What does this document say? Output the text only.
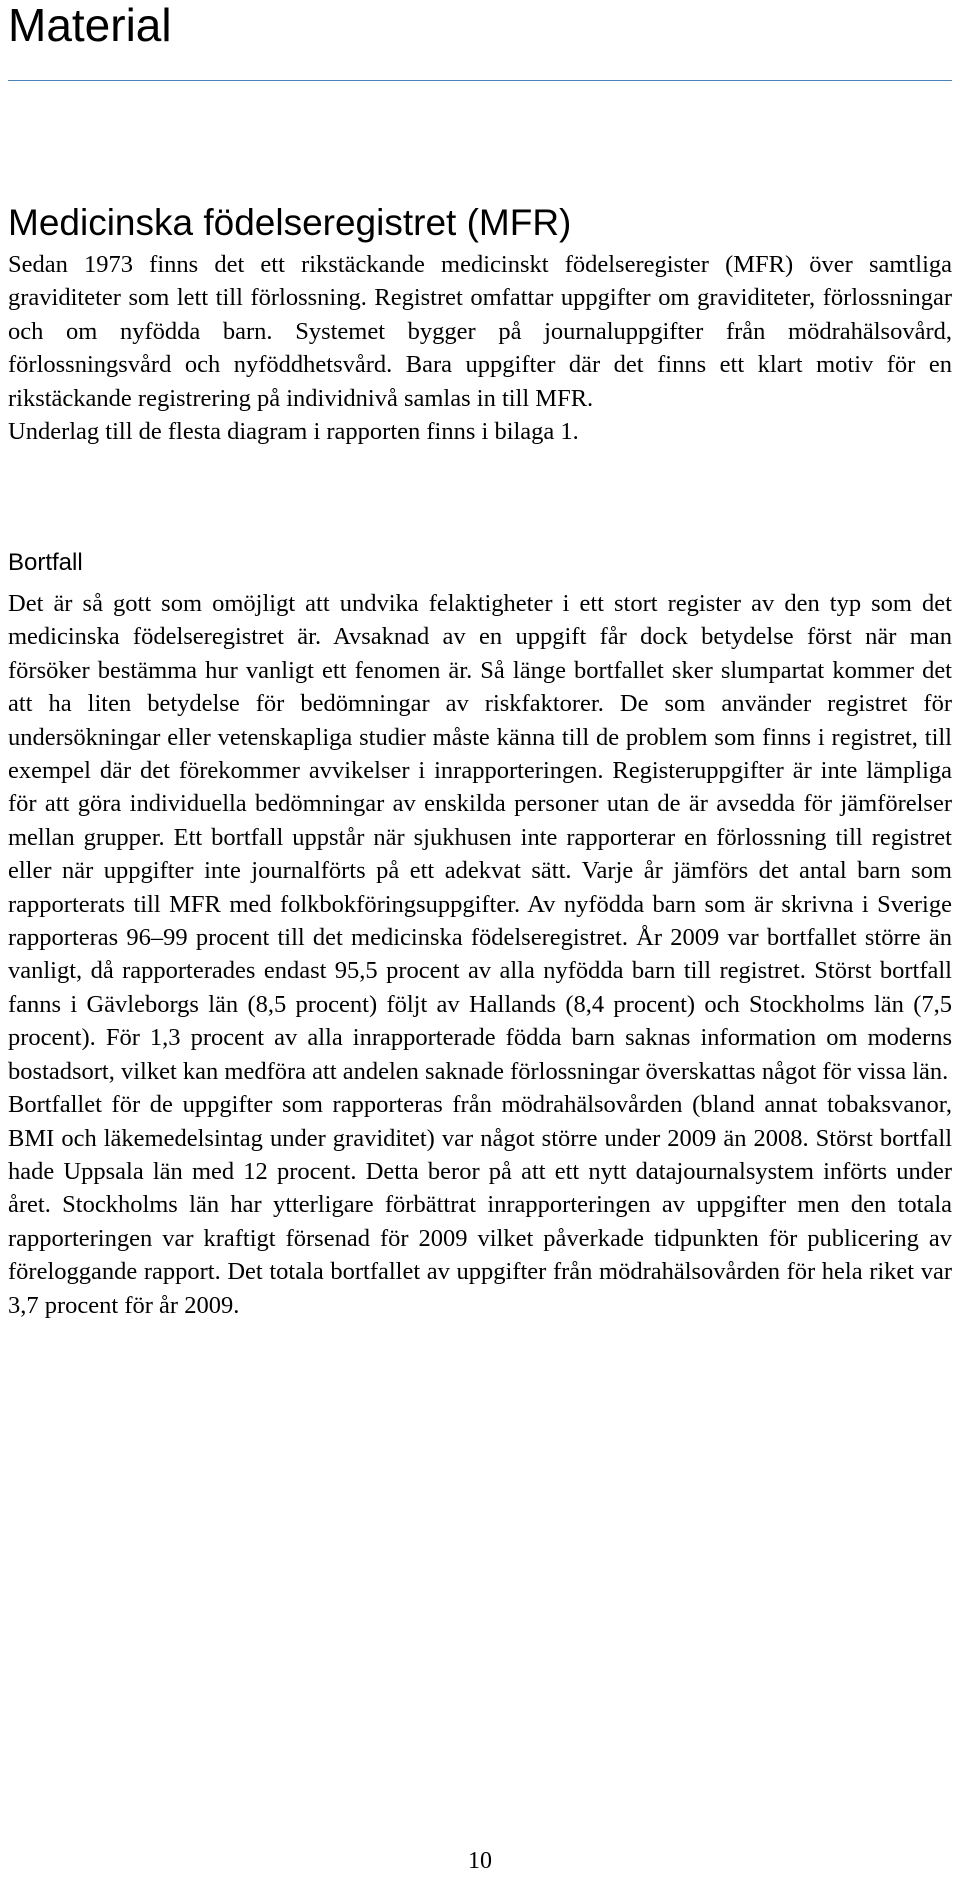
Material
Medicinska födelseregistret (MFR)

Sedan 1973 finns det ett rikstäckande medicinskt födelseregister (MFR) över samtliga graviditeter som lett till förlossning. Registret omfattar uppgifter om graviditeter, förlossningar och om nyfödda barn. Systemet bygger på journaluppgifter från mödrahälsovård, förlossningsvård och nyföddhetsvård. Bara uppgifter där det finns ett klart motiv för en rikstäckande registrering på individnivå samlas in till MFR.

Underlag till de flesta diagram i rapporten finns i bilaga 1.

Bortfall

Det är så gott som omöjligt att undvika felaktigheter i ett stort register av den typ som det medicinska födelseregistret är. Avsaknad av en uppgift får dock betydelse först när man försöker bestämma hur vanligt ett fenomen är. Så länge bortfallet sker slumpartat kommer det att ha liten betydelse för bedömningar av riskfaktorer. De som använder registret för undersökningar eller vetenskapliga studier måste känna till de problem som finns i registret, till exempel där det förekommer avvikelser i inrapporteringen. Registeruppgifter är inte lämpliga för att göra individuella bedömningar av enskilda personer utan de är avsedda för jämförelser mellan grupper. Ett bortfall uppstår när sjukhusen inte rapporterar en förlossning till registret eller när uppgifter inte journalförts på ett adekvat sätt. Varje år jämförs det antal barn som rapporterats till MFR med folkbokföringsuppgifter. Av nyfödda barn som är skrivna i Sverige rapporteras 96–99 procent till det medicinska födelseregistret. År 2009 var bortfallet större än vanligt, då rapporterades endast 95,5 procent av alla nyfödda barn till registret. Störst bortfall fanns i Gävleborgs län (8,5 procent) följt av Hallands (8,4 procent) och Stockholms län (7,5 procent). För 1,3 procent av alla inrapporterade födda barn saknas information om moderns bostadsort, vilket kan medföra att andelen saknade förlossningar överskattas något för vissa län.

Bortfallet för de uppgifter som rapporteras från mödrahälsovården (bland annat tobaksvanor, BMI och läkemedelsintag under graviditet) var något större under 2009 än 2008. Störst bortfall hade Uppsala län med 12 procent. Detta beror på att ett nytt datajournalsystem införts under året. Stockholms län har ytterligare förbättrat inrapporteringen av uppgifter men den totala rapporteringen var kraftigt försenad för 2009 vilket påverkade tidpunkten för publicering av föreloggande rapport. Det totala bortfallet av uppgifter från mödrahälsovården för hela riket var 3,7 procent för år 2009.

10
